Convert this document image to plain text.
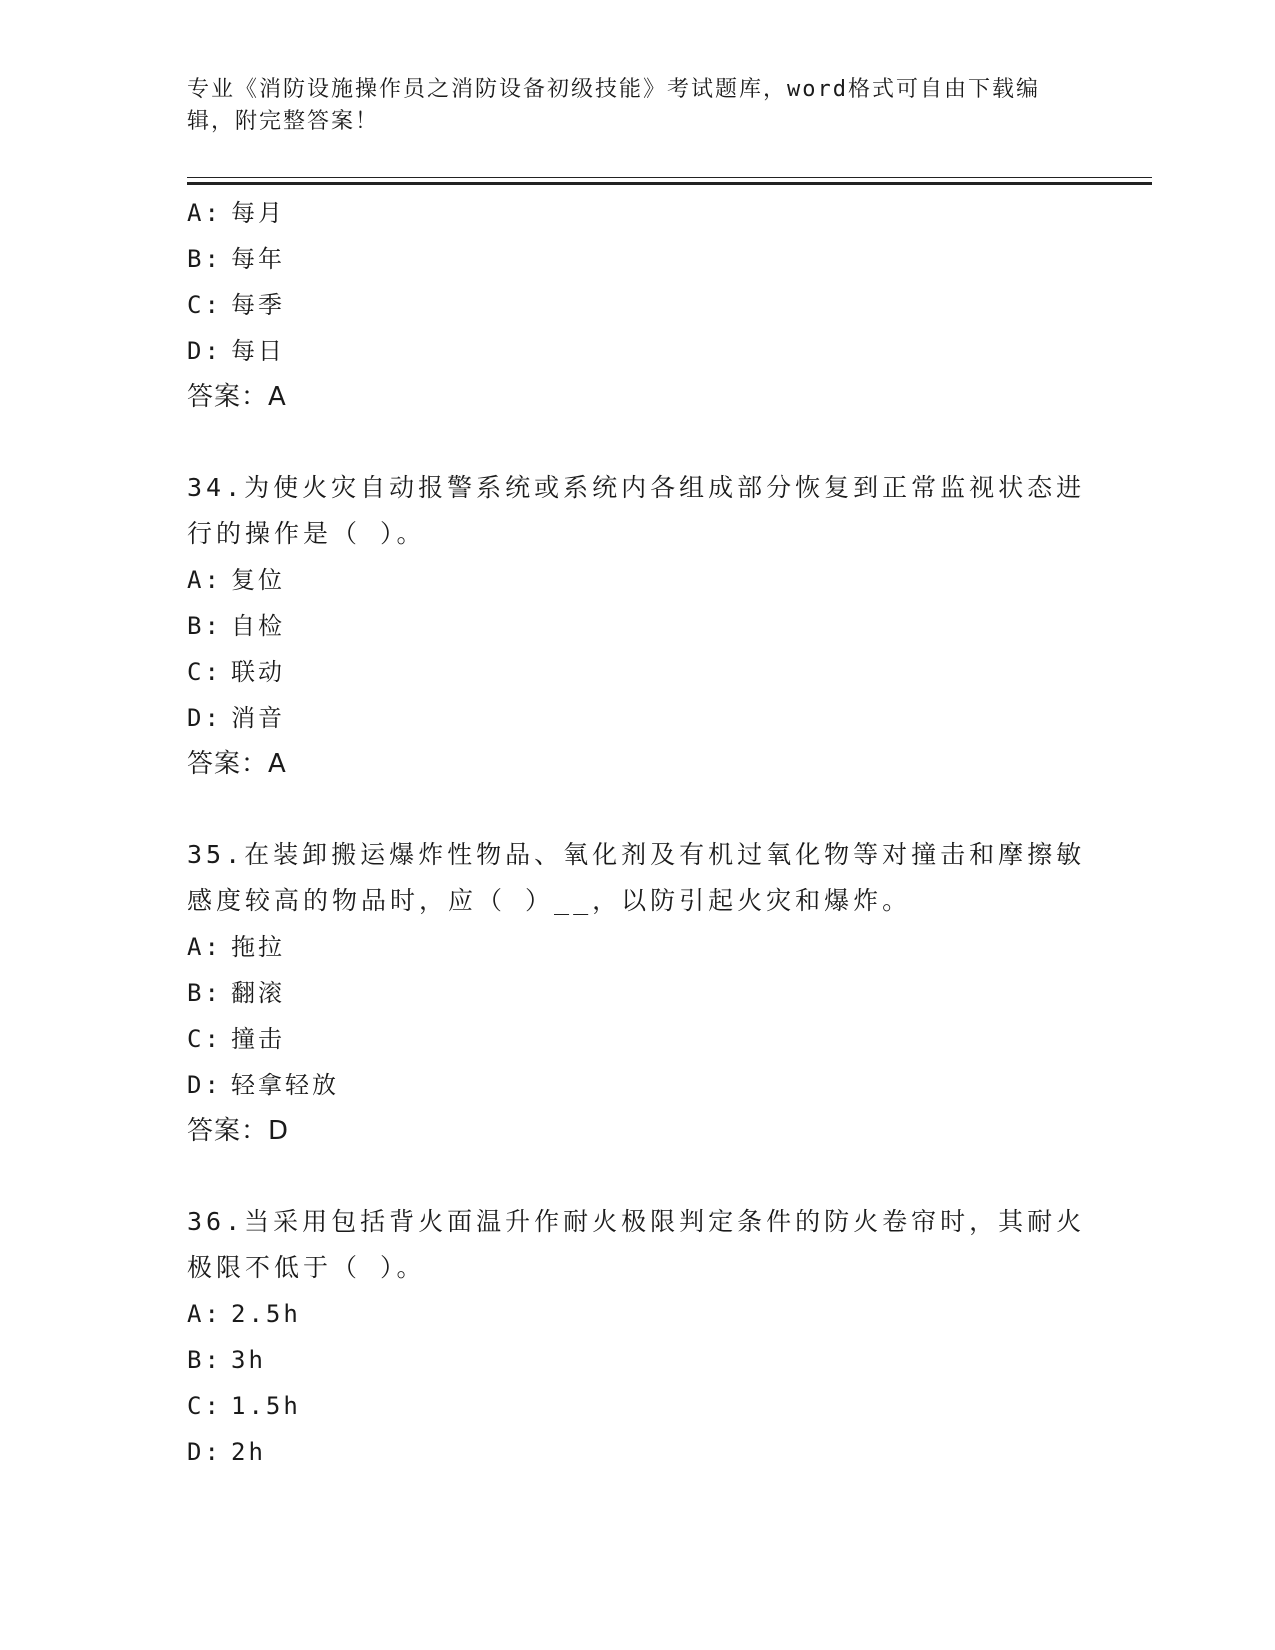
专业《消防设施操作员之消防设备初级技能》考试题库，word格式可自由下载编
辑，附完整答案！
A: 每月
B: 每年
C: 每季
D: 每日
答案：A
34.为使火灾自动报警系统或系统内各组成部分恢复到正常监视状态进
行的操作是（ ）。
A: 复位
B: 自检
C: 联动
D: 消音
答案：A
35.在装卸搬运爆炸性物品、氧化剂及有机过氧化物等对撞击和摩擦敏
感度较高的物品时，应（ ）__，以防引起火灾和爆炸。
A: 拖拉
B: 翻滚
C: 撞击
D: 轻拿轻放
答案：D
36.当采用包括背火面温升作耐火极限判定条件的防火卷帘时，其耐火
极限不低于（ ）。
A: 2.5h
B: 3h
C: 1.5h
D: 2h
